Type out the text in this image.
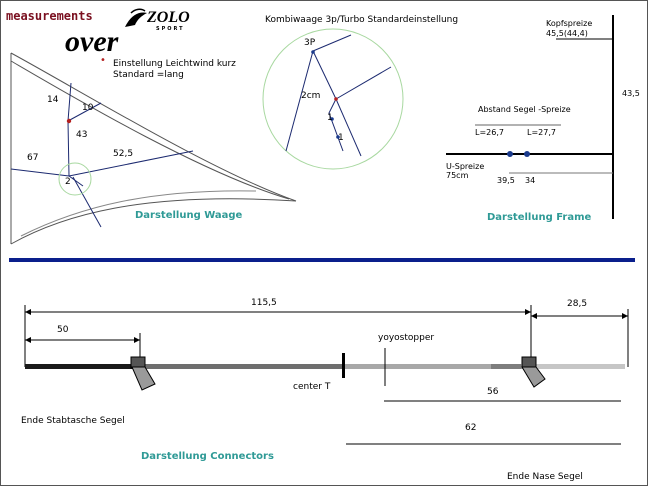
measurements	ZOLO
SPORT
over
• Einstellung Leichtwind kurz
Standard =lang
14
10
43
67	52,5
2
Darstellung Waage
Kombiwaage 3p/Turbo Standardeinstellung
3P
2cm
1
1
Kopfspreize
45,5(44,4)
43,5
Abstand Segel -Spreize
L=26,7	L=27,7
U-Spreize
75cm
39,5 34
Darstellung Frame
115,5
50
28,5
yoyostopper
center T	56
62
Ende Stabtasche Segel
Darstellung Connectors
Ende Nase Segel
